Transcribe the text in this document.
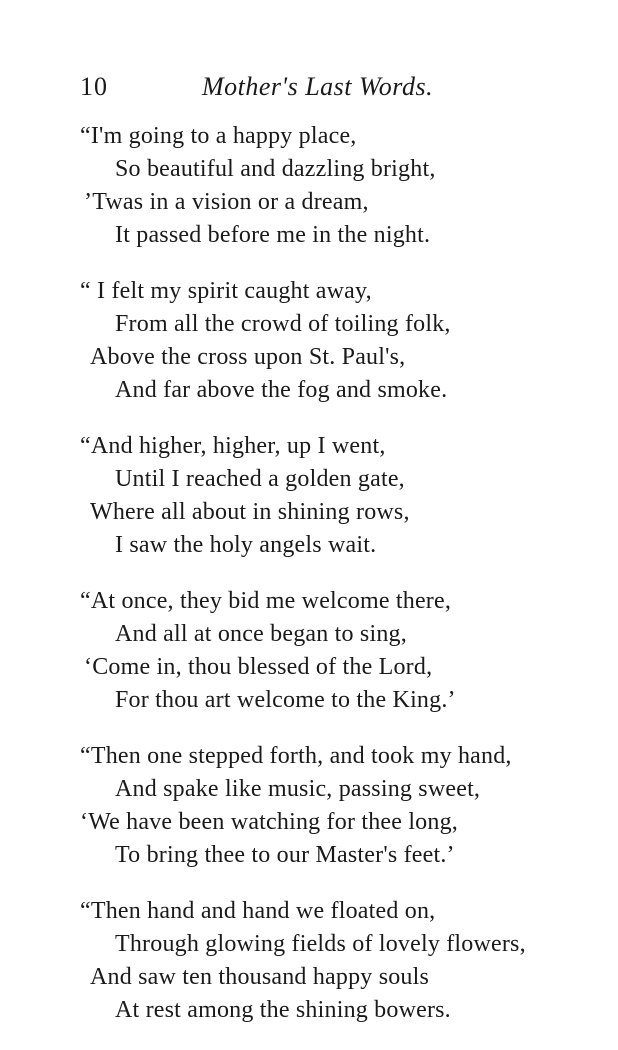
10	Mother's Last Words.
“I'm going to a happy place,
So beautiful and dazzling bright,
’Twas in a vision or a dream,
It passed before me in the night.
“ I felt my spirit caught away,
From all the crowd of toiling folk,
Above the cross upon St. Paul's,
And far above the fog and smoke.
“And higher, higher, up I went,
Until I reached a golden gate,
Where all about in shining rows,
I saw the holy angels wait.
“At once, they bid me welcome there,
And all at once began to sing,
‘Come in, thou blessed of the Lord,
For thou art welcome to the King.’
“Then one stepped forth, and took my hand,
And spake like music, passing sweet,
‘We have been watching for thee long,
To bring thee to our Master's feet.’
“Then hand and hand we floated on,
Through glowing fields of lovely flowers,
And saw ten thousand happy souls
At rest among the shining bowers.
